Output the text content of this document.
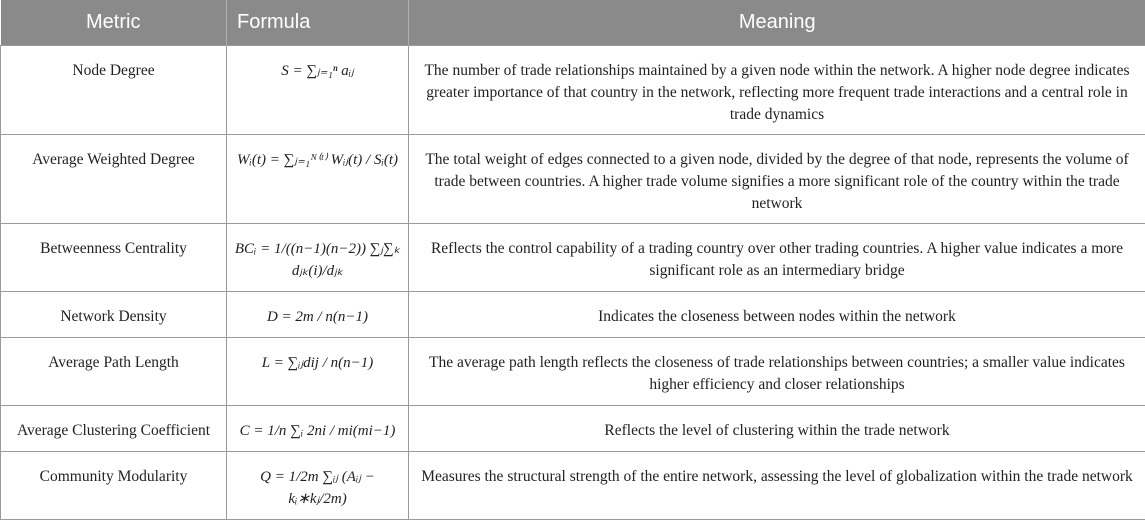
Metric	Formula	Meaning
Node Degree	S = ∑ⱼ₌₁ⁿ aᵢⱼ	The number of trade relationships maintained by a given node within the network. A higher node degree indicates greater importance of that country in the network, reflecting more frequent trade interactions and a central role in trade dynamics
Average Weighted Degree	Wᵢ(t) = ∑ⱼ₌₁ᴺ⁽ᵗ⁾ Wᵢⱼ(t) / Sᵢ(t)	The total weight of edges connected to a given node, divided by the degree of that node, represents the volume of trade between countries. A higher trade volume signifies a more significant role of the country within the trade network
Betweenness Centrality	BCᵢ = 1/((n−1)(n−2)) ∑ⱼ∑ₖ dⱼₖ(i)/dⱼₖ	Reflects the control capability of a trading country over other trading countries. A higher value indicates a more significant role as an intermediary bridge
Network Density	D = 2m / n(n−1)	Indicates the closeness between nodes within the network
Average Path Length	L = ∑ᵢⱼdij / n(n−1)	The average path length reflects the closeness of trade relationships between countries; a smaller value indicates higher efficiency and closer relationships
Average Clustering Coefficient	C = 1/n ∑ᵢ 2ni / mi(mi−1)	Reflects the level of clustering within the trade network
Community Modularity	Q = 1/2m ∑ᵢⱼ (Aᵢⱼ − kᵢ∗kⱼ/2m)	Measures the structural strength of the entire network, assessing the level of globalization within the trade network
